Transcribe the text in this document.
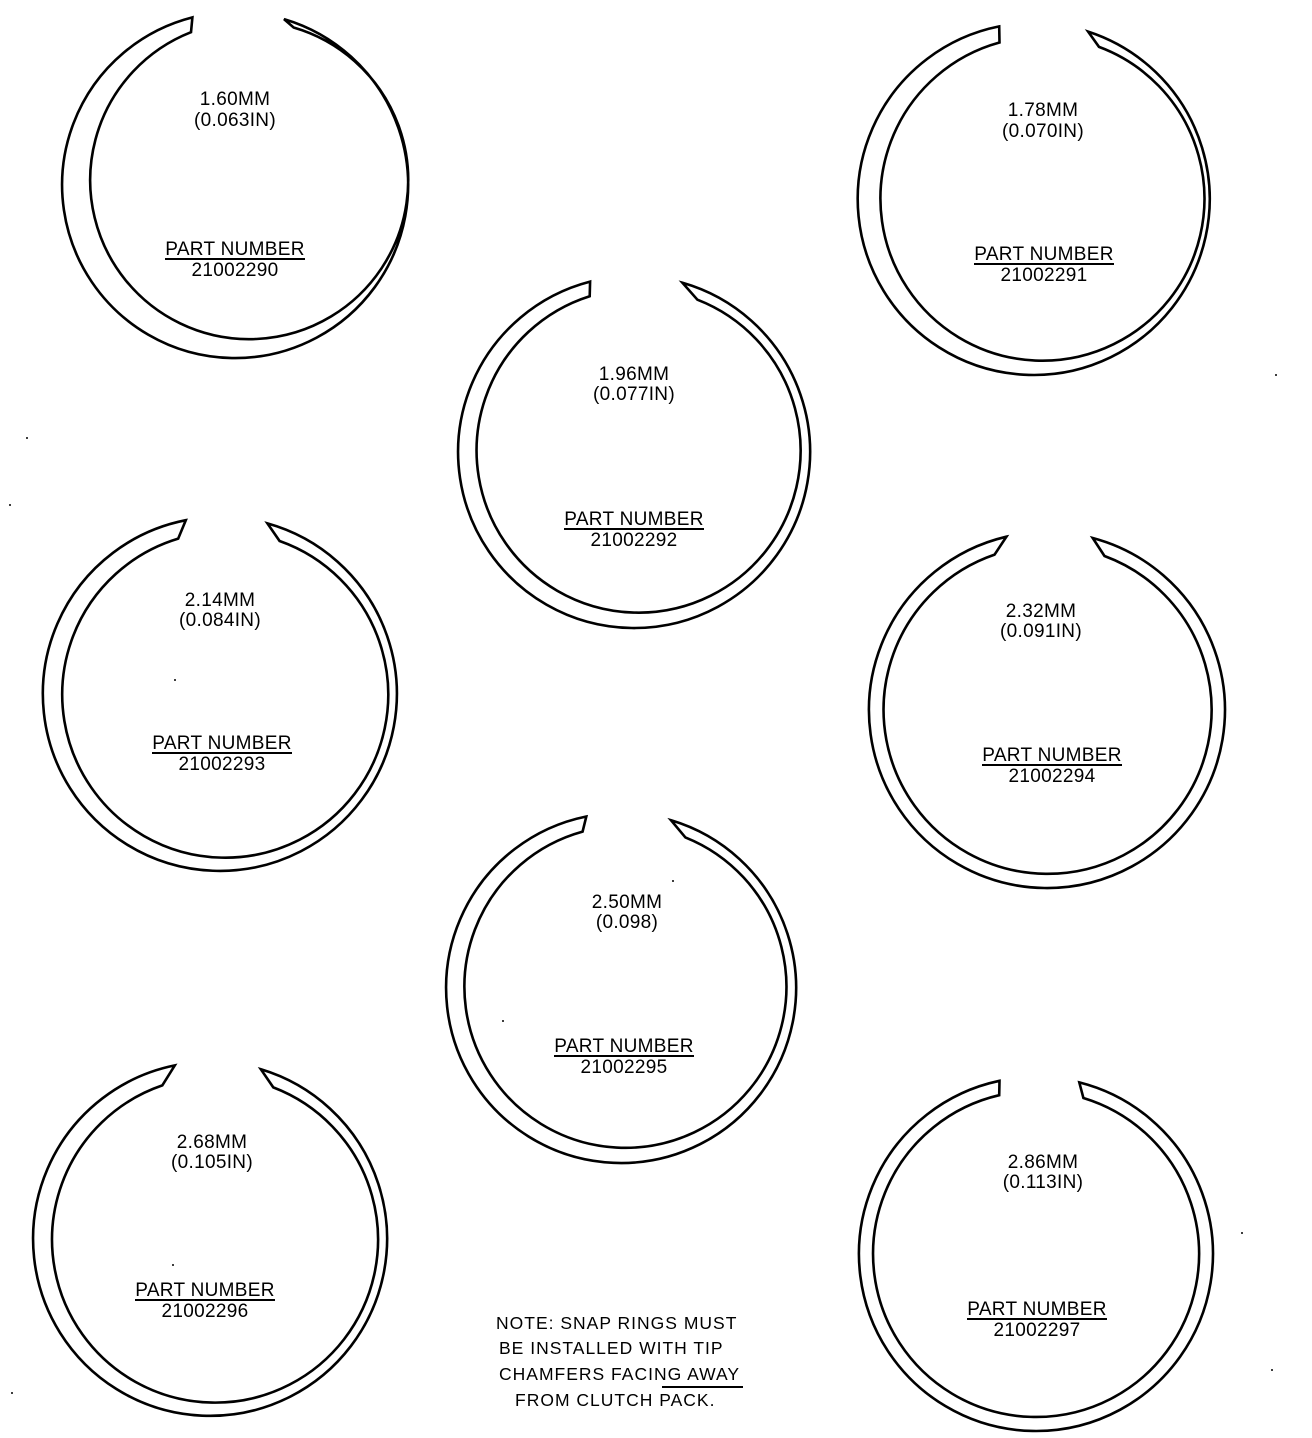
1.60MM
(0.063IN)
PART NUMBER
21002290
1.78MM
(0.070IN)
PART NUMBER
21002291
1.96MM
(0.077IN)
PART NUMBER
21002292
2.14MM
(0.084IN)
PART NUMBER
21002293
2.32MM
(0.091IN)
PART NUMBER
21002294
2.50MM
(0.098)
PART NUMBER
21002295
2.68MM
(0.105IN)
PART NUMBER
21002296
2.86MM
(0.113IN)
PART NUMBER
21002297
NOTE: SNAP RINGS MUST
BE INSTALLED WITH TIP
CHAMFERS FACING AWAY
FROM CLUTCH PACK.
